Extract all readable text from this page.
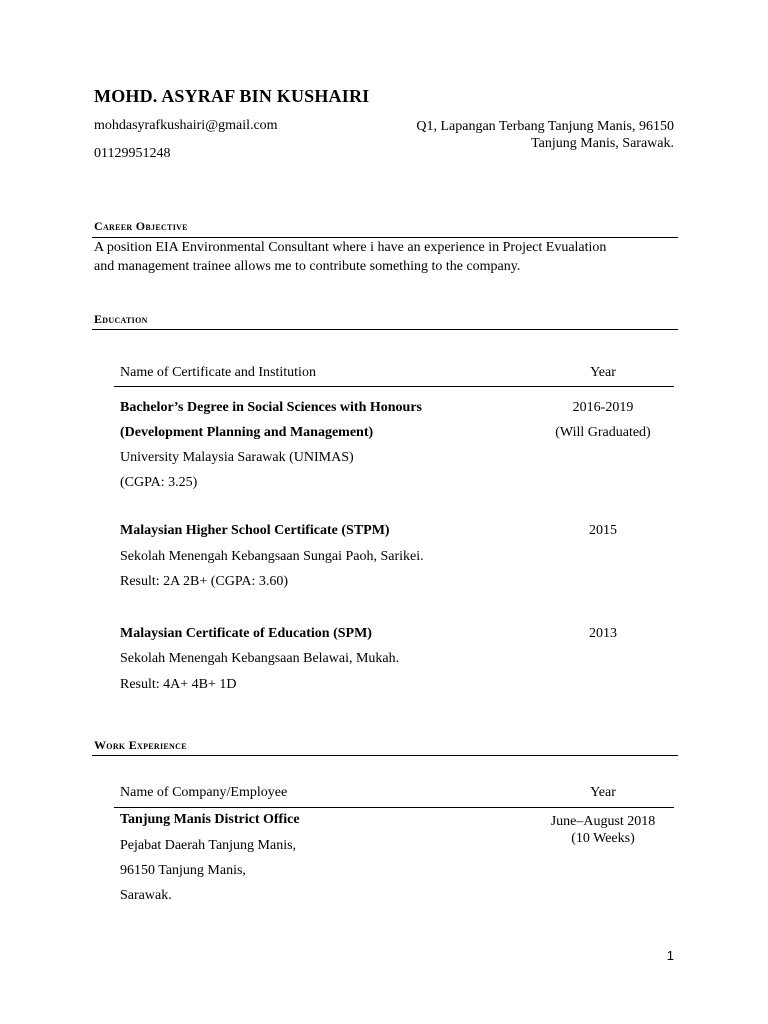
MOHD. ASYRAF BIN KUSHAIRI
mohdasyrafkushairi@gmail.com
01129951248
Q1, Lapangan Terbang Tanjung Manis, 96150
Tanjung Manis, Sarawak.
Career Objective
A position EIA Environmental Consultant where i have an experience in Project Evualation
and management trainee allows me to contribute something to the company.
Education
Name of Certificate and Institution	Year
Bachelor’s Degree in Social Sciences with Honours
(Development Planning and Management)
University Malaysia Sarawak (UNIMAS)
(CGPA: 3.25)
2016-2019
(Will Graduated)
Malaysian Higher School Certificate (STPM)
Sekolah Menengah Kebangsaan Sungai Paoh, Sarikei.
Result: 2A 2B+ (CGPA: 3.60)
2015
Malaysian Certificate of Education (SPM)
Sekolah Menengah Kebangsaan Belawai, Mukah.
Result: 4A+ 4B+ 1D
2013
Work Experience
Name of Company/Employee	Year
Tanjung Manis District Office
Pejabat Daerah Tanjung Manis,
96150 Tanjung Manis,
Sarawak.
June–August 2018
(10 Weeks)
1
